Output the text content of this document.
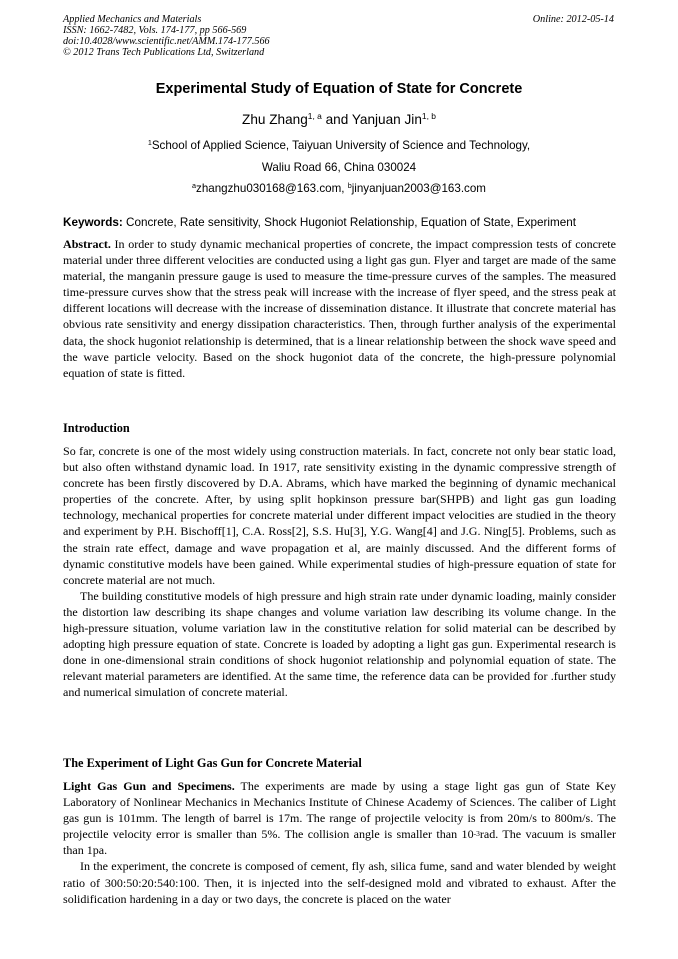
Applied Mechanics and Materials
ISSN: 1662-7482, Vols. 174-177, pp 566-569
doi:10.4028/www.scientific.net/AMM.174-177.566
© 2012 Trans Tech Publications Ltd, Switzerland
Online: 2012-05-14
Experimental Study of Equation of State for Concrete
Zhu Zhang$^{1, a}$ and Yanjuan Jin$^{1, b}$
$^1$School of Applied Science, Taiyuan University of Science and Technology,
Waliu Road 66, China 030024
$^a$zhangzhu030168@163.com, $^b$jinyanjuan2003@163.com
Keywords: Concrete, Rate sensitivity, Shock Hugoniot Relationship, Equation of State, Experiment

Abstract. In order to study dynamic mechanical properties of concrete, the impact compression tests of concrete material under three different velocities are conducted using a light gas gun. Flyer and target are made of the same material, the manganin pressure gauge is used to measure the time-pressure curves of the samples. The measured time-pressure curves show that the stress peak will increase with the increase of flyer speed, and the stress peak at different locations will decrease with the increase of dissemination distance. It illustrate that concrete material has obvious rate sensitivity and energy dissipation characteristics. Then, through further analysis of the experimental data, the shock hugoniot relationship is determined, that is a linear relationship between the shock wave speed and the wave particle velocity. Based on the shock hugoniot data of the concrete, the high-pressure polynomial equation of state is fitted.

Introduction

So far, concrete is one of the most widely using construction materials. In fact, concrete not only bear static load, but also often withstand dynamic load. In 1917, rate sensitivity existing in the dynamic compressive strength of concrete has been firstly discovered by D.A. Abrams, which have marked the beginning of dynamic mechanical properties of the concrete. After, by using split hopkinson pressure bar(SHPB) and light gas gun loading technology, mechanical properties for concrete material under different impact velocities are studied in the theory and experiment by P.H. Bischoff[1], C.A. Ross[2], S.S. Hu[3], Y.G. Wang[4] and J.G. Ning[5]. Problems, such as the strain rate effect, damage and wave propagation et al, are mainly discussed. And the different forms of dynamic constitutive models have been gained. While experimental studies of high-pressure equation of state for concrete material are not much.

The building constitutive models of high pressure and high strain rate under dynamic loading, mainly consider the distortion law describing its shape changes and volume variation law describing its volume change. In the high-pressure situation, volume variation law in the constitutive relation for solid material can be described by adopting high pressure equation of state. Concrete is loaded by adopting a light gas gun. Experimental research is done in one-dimensional strain conditions of shock hugoniot relationship and polynomial equation of state. The relevant material parameters are identified. At the same time, the reference data can be provided for .further study and numerical simulation of concrete material.

The Experiment of Light Gas Gun for Concrete Material

Light Gas Gun and Specimens. The experiments are made by using a stage light gas gun of State Key Laboratory of Nonlinear Mechanics in Mechanics Institute of Chinese Academy of Sciences. The caliber of Light gas gun is 101mm. The length of barrel is 17m. The range of projectile velocity is from 20m/s to 800m/s. The projectile velocity error is smaller than 5%. The collision angle is smaller than $10^{-3}rad$. The vacuum is smaller than 1pa.

In the experiment, the concrete is composed of cement, fly ash, silica fume, sand and water blended by weight ratio of 300:50:20:540:100. Then, it is injected into the self-designed mold and vibrated to exhaust. After the solidification hardening in a day or two days, the concrete is placed on the water
